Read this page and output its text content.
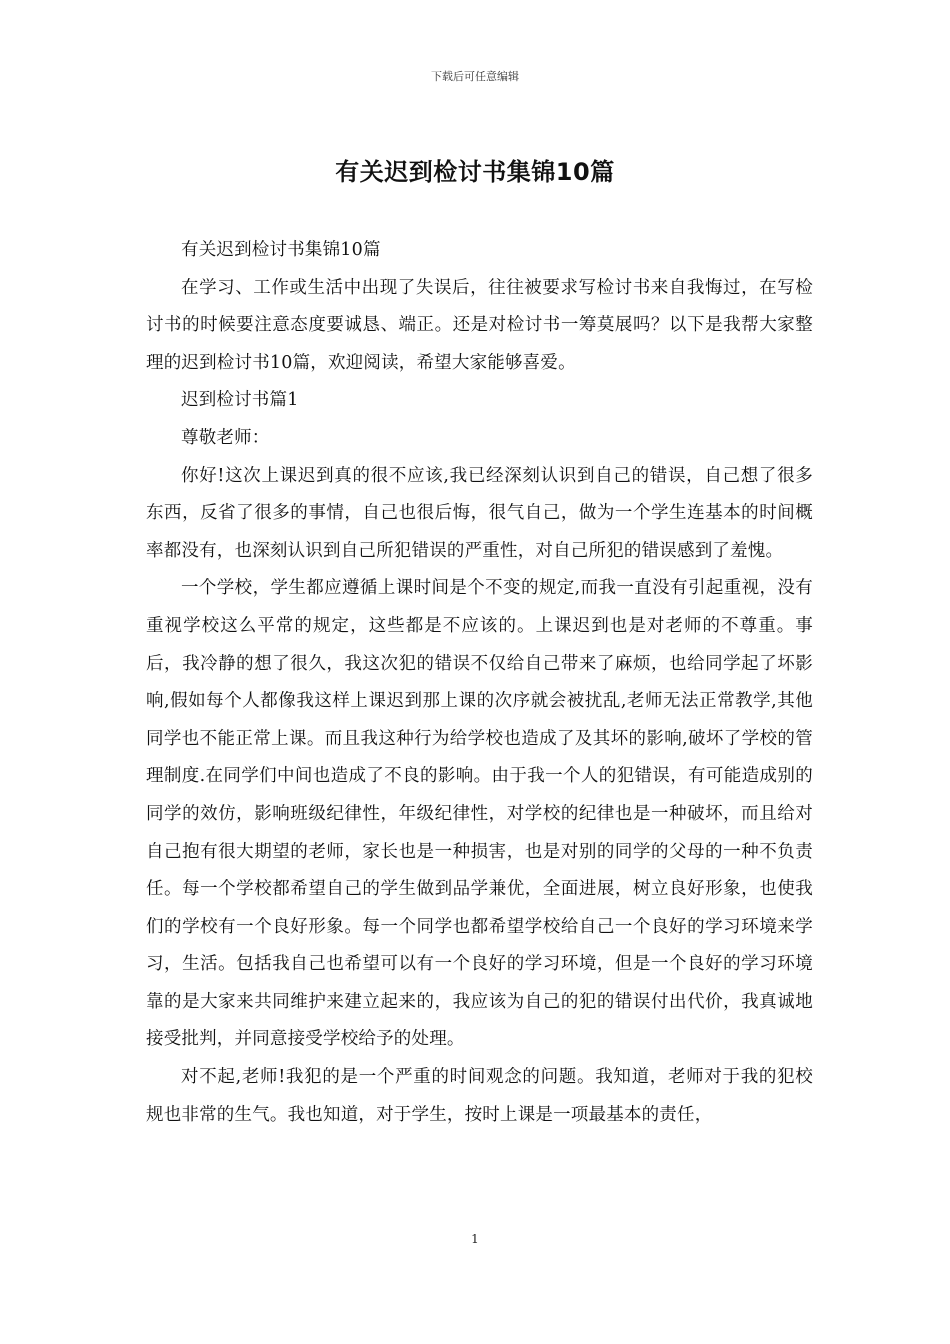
下载后可任意编辑
有关迟到检讨书集锦10篇

有关迟到检讨书集锦10篇

在学习、工作或生活中出现了失误后，往往被要求写检讨书来自我悔过，在写检讨书的时候要注意态度要诚恳、端正。还是对检讨书一筹莫展吗？以下是我帮大家整理的迟到检讨书10篇，欢迎阅读，希望大家能够喜爱。

迟到检讨书篇1

尊敬老师：

你好!这次上课迟到真的很不应该,我已经深刻认识到自己的错误，自己想了很多东西，反省了很多的事情，自己也很后悔，很气自己，做为一个学生连基本的时间概率都没有，也深刻认识到自己所犯错误的严重性，对自己所犯的错误感到了羞愧。

一个学校，学生都应遵循上课时间是个不变的规定,而我一直没有引起重视，没有重视学校这么平常的规定，这些都是不应该的。上课迟到也是对老师的不尊重。事后，我冷静的想了很久，我这次犯的错误不仅给自己带来了麻烦，也给同学起了坏影响,假如每个人都像我这样上课迟到那上课的次序就会被扰乱,老师无法正常教学,其他同学也不能正常上课。而且我这种行为给学校也造成了及其坏的影响,破坏了学校的管理制度.在同学们中间也造成了不良的影响。由于我一个人的犯错误，有可能造成别的同学的效仿，影响班级纪律性，年级纪律性，对学校的纪律也是一种破坏，而且给对自己抱有很大期望的老师，家长也是一种损害，也是对别的同学的父母的一种不负责任。每一个学校都希望自己的学生做到品学兼优，全面进展，树立良好形象，也使我们的学校有一个良好形象。每一个同学也都希望学校给自己一个良好的学习环境来学习，生活。包括我自己也希望可以有一个良好的学习环境，但是一个良好的学习环境靠的是大家来共同维护来建立起来的，我应该为自己的犯的错误付出代价，我真诚地接受批判，并同意接受学校给予的处理。

对不起,老师!我犯的是一个严重的时间观念的问题。我知道，老师对于我的犯校规也非常的生气。我也知道，对于学生，按时上课是一项最基本的责任，

1
